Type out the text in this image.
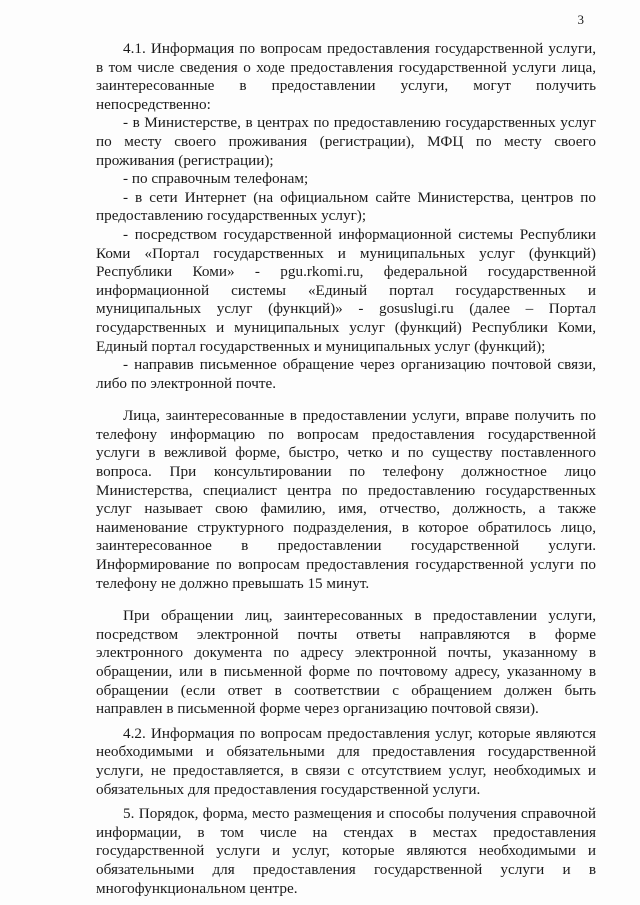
3

4.1. Информация по вопросам предоставления государственной услуги, в том числе сведения о ходе предоставления государственной услуги лица, заинтересованные в предоставлении услуги, могут получить непосредственно:

- в Министерстве, в центрах по предоставлению государственных услуг по месту своего проживания (регистрации), МФЦ по месту своего проживания (регистрации);

- по справочным телефонам;

- в сети Интернет (на официальном сайте Министерства, центров по предоставлению государственных услуг);

- посредством государственной информационной системы Республики Коми «Портал государственных и муниципальных услуг (функций) Республики Коми» - pgu.rkomi.ru, федеральной государственной информационной системы «Единый портал государственных и муниципальных услуг (функций)» - gosuslugi.ru (далее – Портал государственных и муниципальных услуг (функций) Республики Коми, Единый портал государственных и муниципальных услуг (функций);

- направив письменное обращение через организацию почтовой связи, либо по электронной почте.

Лица, заинтересованные в предоставлении услуги, вправе получить по телефону информацию по вопросам предоставления государственной услуги в вежливой форме, быстро, четко и по существу поставленного вопроса. При консультировании по телефону должностное лицо Министерства, специалист центра по предоставлению государственных услуг называет свою фамилию, имя, отчество, должность, а также наименование структурного подразделения, в которое обратилось лицо, заинтересованное в предоставлении государственной услуги. Информирование по вопросам предоставления государственной услуги по телефону не должно превышать 15 минут.

При обращении лиц, заинтересованных в предоставлении услуги, посредством электронной почты ответы направляются в форме электронного документа по адресу электронной почты, указанному в обращении, или в письменной форме по почтовому адресу, указанному в обращении (если ответ в соответствии с обращением должен быть направлен в письменной форме через организацию почтовой связи).

4.2. Информация по вопросам предоставления услуг, которые являются необходимыми и обязательными для предоставления государственной услуги, не предоставляется, в связи с отсутствием услуг, необходимых и обязательных для предоставления государственной услуги.

5. Порядок, форма, место размещения и способы получения справочной информации, в том числе на стендах в местах предоставления государственной услуги и услуг, которые являются необходимыми и обязательными для предоставления государственной услуги и в многофункциональном центре.
